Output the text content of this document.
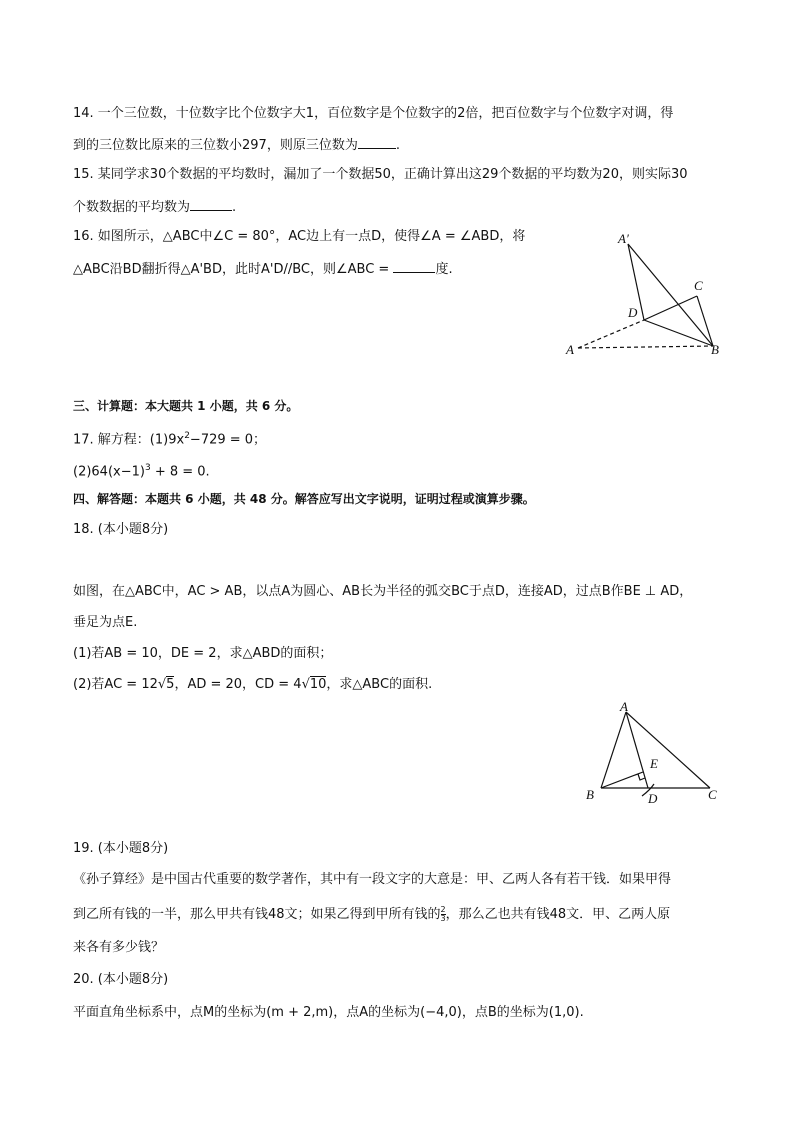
14. 一个三位数，十位数字比个位数字大1，百位数字是个位数字的2倍，把百位数字与个位数字对调，得
到的三位数比原来的三位数小297，则原三位数为	.
15. 某同学求30个数据的平均数时，漏加了一个数据50，正确计算出这29个数据的平均数为20，则实际30
个数数据的平均数为	.
16. 如图所示，△ABC中∠C = 80°，AC边上有一点D，使得∠A = ∠ABD，将
△ABC沿BD翻折得△A'BD，此时A'D//BC，则∠ABC =	度.
A′
C
D
A	B
三、计算题：本大题共 1 小题，共 6 分。
17. 解方程：$(1)9x^2-729 = 0$；
$(2)64(x-1)^3 + 8 = 0$.
四、解答题：本题共 6 小题，共 48 分。解答应写出文字说明，证明过程或演算步骤。
18. (本小题8分)
如图，在△ABC中，AC > AB，以点A为圆心、AB长为半径的弧交BC于点D，连接AD，过点B作BE ⊥ AD，
垂足为点E.
(1)若AB = 10，DE = 2，求△ABD的面积；
(2)若AC = 12√5，AD = 20，CD = 4√10，求△ABC的面积.
A
E
B	D	C
19. (本小题8分)
《孙子算经》是中国古代重要的数学著作，其中有一段文字的大意是：甲、乙两人各有若干钱．如果甲得
到乙所有钱的一半，那么甲共有钱48文；如果乙得到甲所有钱的 $\frac{2}{3}$ ，那么乙也共有钱48文．甲、乙两人原
来各有多少钱？
20. (本小题8分)
平面直角坐标系中，点M的坐标为(m + 2,m)，点A的坐标为(−4,0)，点B的坐标为(1,0).
